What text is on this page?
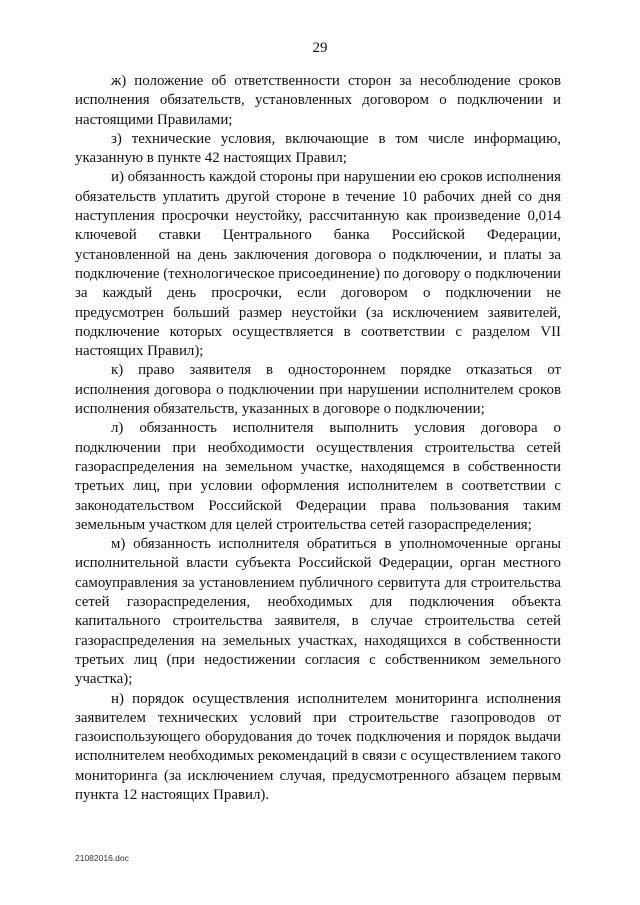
29

ж) положение об ответственности сторон за несоблюдение сроков исполнения обязательств, установленных договором о подключении и настоящими Правилами;

з) технические условия, включающие в том числе информацию, указанную в пункте 42 настоящих Правил;

и) обязанность каждой стороны при нарушении ею сроков исполнения обязательств уплатить другой стороне в течение 10 рабочих дней со дня наступления просрочки неустойку, рассчитанную как произведение 0,014 ключевой ставки Центрального банка Российской Федерации, установленной на день заключения договора о подключении, и платы за подключение (технологическое присоединение) по договору о подключении за каждый день просрочки, если договором о подключении не предусмотрен больший размер неустойки (за исключением заявителей, подключение которых осуществляется в соответствии с разделом VII настоящих Правил);

к) право заявителя в одностороннем порядке отказаться от исполнения договора о подключении при нарушении исполнителем сроков исполнения обязательств, указанных в договоре о подключении;

л) обязанность исполнителя выполнить условия договора о подключении при необходимости осуществления строительства сетей газораспределения на земельном участке, находящемся в собственности третьих лиц, при условии оформления исполнителем в соответствии с законодательством Российской Федерации права пользования таким земельным участком для целей строительства сетей газораспределения;

м) обязанность исполнителя обратиться в уполномоченные органы исполнительной власти субъекта Российской Федерации, орган местного самоуправления за установлением публичного сервитута для строительства сетей газораспределения, необходимых для подключения объекта капитального строительства заявителя, в случае строительства сетей газораспределения на земельных участках, находящихся в собственности третьих лиц (при недостижении согласия с собственником земельного участка);

н) порядок осуществления исполнителем мониторинга исполнения заявителем технических условий при строительстве газопроводов от газоиспользующего оборудования до точек подключения и порядок выдачи исполнителем необходимых рекомендаций в связи с осуществлением такого мониторинга (за исключением случая, предусмотренного абзацем первым пункта 12 настоящих Правил).

21082016.doc
